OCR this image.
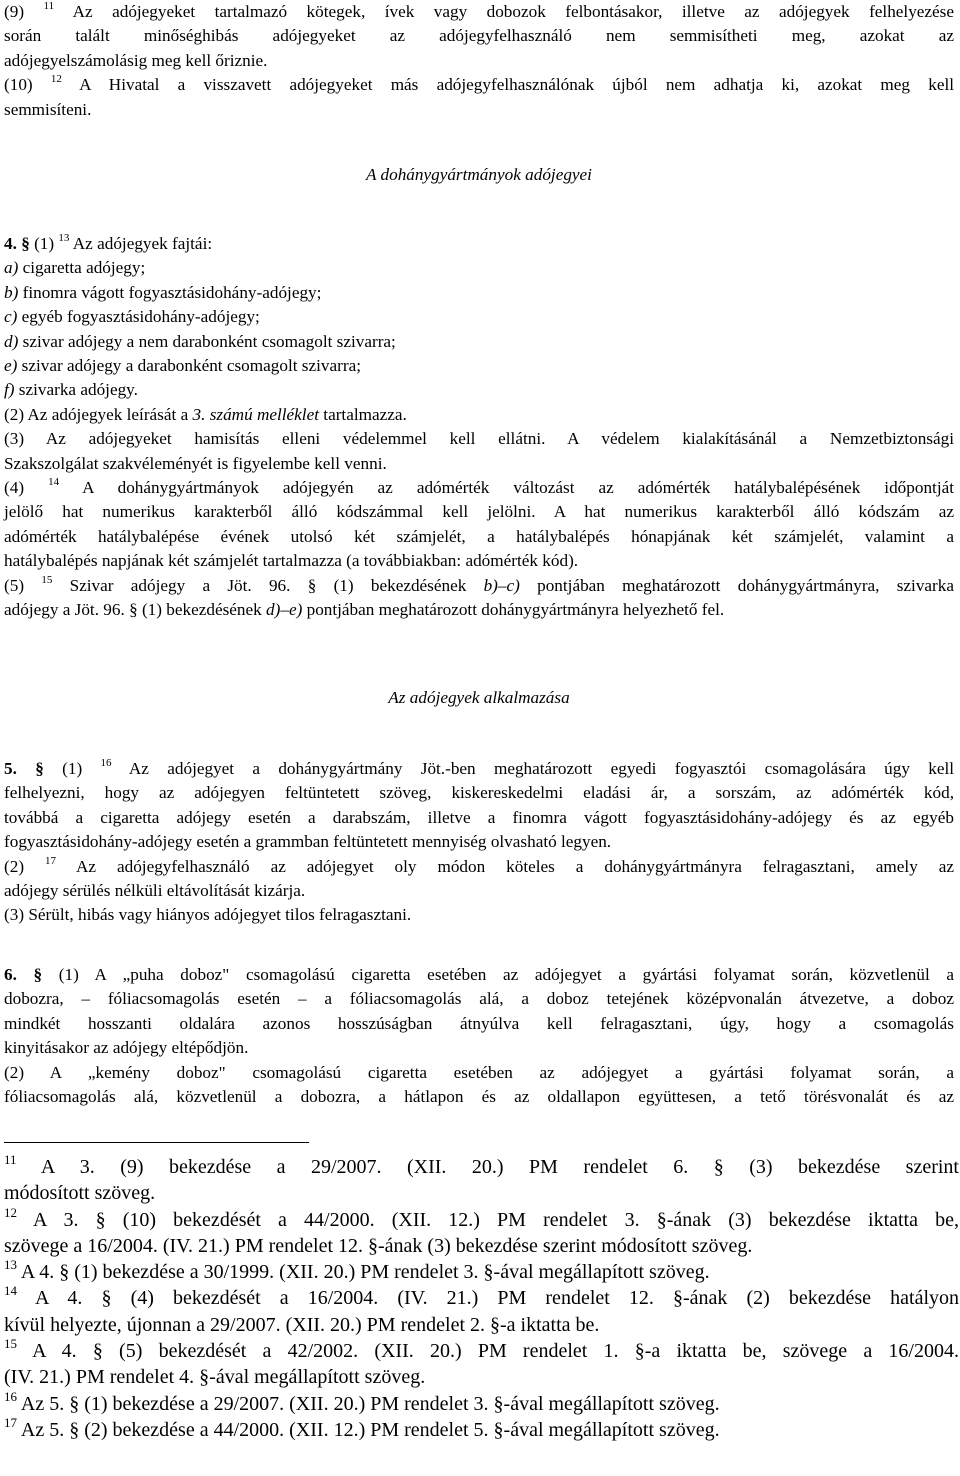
(9) $^{11}$ Az adójegyeket tartalmazó kötegek, ívek vagy dobozok felbontásakor, illetve az adójegyek felhelyezése

során talált minőséghibás adójegyeket az adójegyfelhasználó nem semmisítheti meg, azokat az

adójegyelszámolásig meg kell őriznie.

(10) $^{12}$ A Hivatal a visszavett adójegyeket más adójegyfelhasználónak újból nem adhatja ki, azokat meg kell

semmisíteni.

A dohánygyártmányok adójegyei

4. § (1) $^{13}$ Az adójegyek fajtái:

a) cigaretta adójegy;

b) finomra vágott fogyasztásidohány-adójegy;

c) egyéb fogyasztásidohány-adójegy;

d) szivar adójegy a nem darabonként csomagolt szivarra;

e) szivar adójegy a darabonként csomagolt szivarra;

f) szivarka adójegy.

(2) Az adójegyek leírását a 3. számú melléklet tartalmazza.

(3) Az adójegyeket hamisítás elleni védelemmel kell ellátni. A védelem kialakításánál a Nemzetbiztonsági

Szakszolgálat szakvéleményét is figyelembe kell venni.

(4) $^{14}$ A dohánygyártmányok adójegyén az adómérték változást az adómérték hatálybalépésének időpontját

jelölő hat numerikus karakterből álló kódszámmal kell jelölni. A hat numerikus karakterből álló kódszám az

adómérték hatálybalépése évének utolsó két számjelét, a hatálybalépés hónapjának két számjelét, valamint a

hatálybalépés napjának két számjelét tartalmazza (a továbbiakban: adómérték kód).

(5) $^{15}$ Szivar adójegy a Jöt. 96. § (1) bekezdésének b)–c) pontjában meghatározott dohánygyártmányra, szivarka

adójegy a Jöt. 96. § (1) bekezdésének d)–e) pontjában meghatározott dohánygyártmányra helyezhető fel.

Az adójegyek alkalmazása

5. § (1) $^{16}$ Az adójegyet a dohánygyártmány Jöt.-ben meghatározott egyedi fogyasztói csomagolására úgy kell

felhelyezni, hogy az adójegyen feltüntetett szöveg, kiskereskedelmi eladási ár, a sorszám, az adómérték kód,

továbbá a cigaretta adójegy esetén a darabszám, illetve a finomra vágott fogyasztásidohány-adójegy és az egyéb

fogyasztásidohány-adójegy esetén a grammban feltüntetett mennyiség olvasható legyen.

(2) $^{17}$ Az adójegyfelhasználó az adójegyet oly módon köteles a dohánygyártmányra felragasztani, amely az

adójegy sérülés nélküli eltávolítását kizárja.

(3) Sérült, hibás vagy hiányos adójegyet tilos felragasztani.

6. § (1) A „puha doboz" csomagolású cigaretta esetében az adójegyet a gyártási folyamat során, közvetlenül a

dobozra, – fóliacsomagolás esetén – a fóliacsomagolás alá, a doboz tetejének középvonalán átvezetve, a doboz

mindkét hosszanti oldalára azonos hosszúságban átnyúlva kell felragasztani, úgy, hogy a csomagolás

kinyitásakor az adójegy eltépődjön.

(2) A „kemény doboz" csomagolású cigaretta esetében az adójegyet a gyártási folyamat során, a

fóliacsomagolás alá, közvetlenül a dobozra, a hátlapon és az oldallapon együttesen, a tető törésvonalát és az

$^{11}$ A 3. (9) bekezdése a 29/2007. (XII. 20.) PM rendelet 6. § (3) bekezdése szerint

módosított szöveg.

$^{12}$ A 3. § (10) bekezdését a 44/2000. (XII. 12.) PM rendelet 3. §-ának (3) bekezdése iktatta be,

szövege a 16/2004. (IV. 21.) PM rendelet 12. §-ának (3) bekezdése szerint módosított szöveg.

$^{13}$ A 4. § (1) bekezdése a 30/1999. (XII. 20.) PM rendelet 3. §-ával megállapított szöveg.

$^{14}$ A 4. § (4) bekezdését a 16/2004. (IV. 21.) PM rendelet 12. §-ának (2) bekezdése hatályon

kívül helyezte, újonnan a 29/2007. (XII. 20.) PM rendelet 2. §-a iktatta be.

$^{15}$ A 4. § (5) bekezdését a 42/2002. (XII. 20.) PM rendelet 1. §-a iktatta be, szövege a 16/2004.

(IV. 21.) PM rendelet 4. §-ával megállapított szöveg.

$^{16}$ Az 5. § (1) bekezdése a 29/2007. (XII. 20.) PM rendelet 3. §-ával megállapított szöveg.

$^{17}$ Az 5. § (2) bekezdése a 44/2000. (XII. 12.) PM rendelet 5. §-ával megállapított szöveg.
